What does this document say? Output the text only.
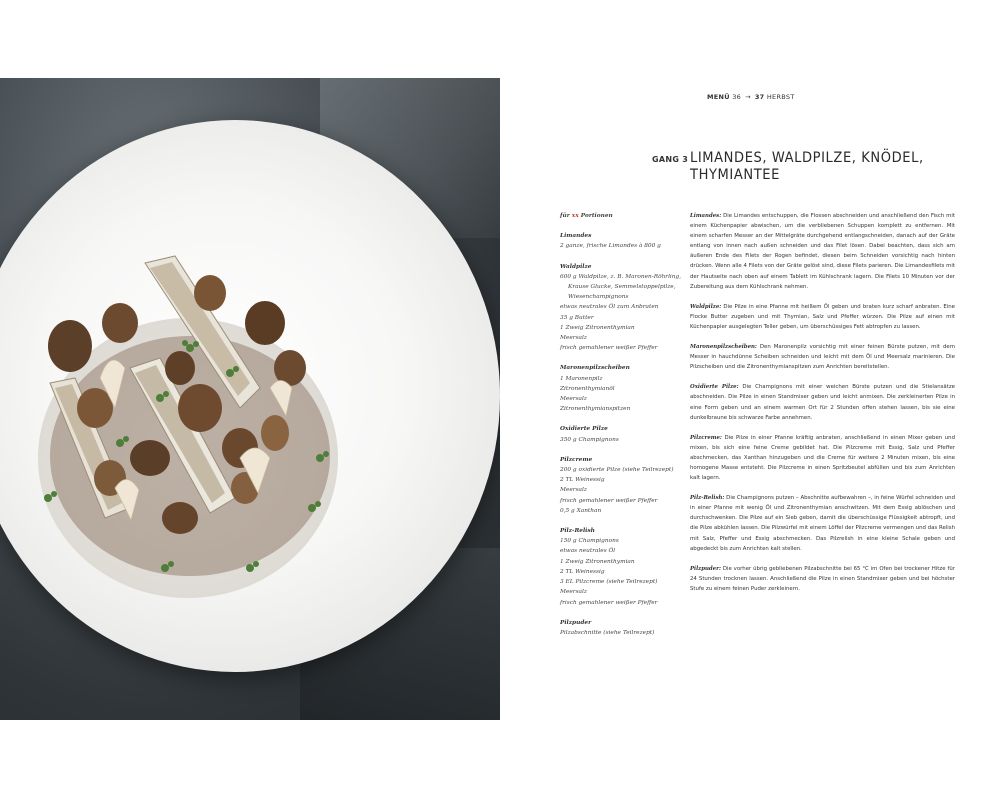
MENÜ 36 → 37 HERBST
GANG 3 LIMANDES, WALDPILZE, KNÖDEL, THYMIANTEE
für xx Portionen
Limandes
2 ganze, frische Limandes à 800 g
Waldpilze
600 g Waldpilze, z. B. Maronen-Röhrling,
Krause Glucke, Semmelstoppelpilze,
Wiesenchampignons
etwas neutrales Öl zum Anbraten
35 g Butter
1 Zweig Zitronenthymian
Meersalz
frisch gemahlener weißer Pfeffer
Maronenpilzscheiben
1 Maronenpilz
Zitronenthymianöl
Meersalz
Zitronenthymianspitzen
Oxidierte Pilze
350 g Champignons
Pilzcreme
200 g oxidierte Pilze (siehe Teilrezept)
2 TL Weinessig
Meersalz
frisch gemahlener weißer Pfeffer
0,5 g Xanthan
Pilz-Relish
150 g Champignons
etwas neutrales Öl
1 Zweig Zitronenthymian
2 TL Weinessig
3 EL Pilzcreme (siehe Teilrezept)
Meersalz
frisch gemahlener weißer Pfeffer
Pilzpuder
Pilzabschnitte (siehe Teilrezept)

Limandes: Die Limandes entschuppen, die Flossen abschneiden und anschließend den Fisch mit einem Küchenpapier abwischen, um die verbliebenen Schuppen komplett zu entfernen. Mit einem scharfen Messer an der Mittelgräte durchgehend entlangschneiden, danach auf der Gräte entlang von innen nach außen schneiden und das Filet lösen. Dabei beachten, dass sich am äußeren Ende des Filets der Rogen befindet, diesen beim Schneiden vorsichtig nach hinten drücken. Wenn alle 4 Filets von der Gräte gelöst sind, diese Filets parieren. Die Limandesfilets mit der Hautseite nach oben auf einem Tablett im Kühlschrank lagern. Die Filets 10 Minuten vor der Zubereitung aus dem Kühlschrank nehmen.

Waldpilze: Die Pilze in eine Pfanne mit heißem Öl geben und braten kurz scharf anbraten. Eine Flocke Butter zugeben und mit Thymian, Salz und Pfeffer würzen. Die Pilze auf einen mit Küchenpapier ausgelegten Teller geben, um überschüssiges Fett abtropfen zu lassen.

Maronenpilzscheiben: Den Maronenpilz vorsichtig mit einer feinen Bürste putzen, mit dem Messer in hauchdünne Scheiben schneiden und leicht mit dem Öl und Meersalz marinieren. Die Pilzscheiben und die Zitronenthymianspitzen zum Anrichten bereitstellen.

Oxidierte Pilze: Die Champignons mit einer weichen Bürste putzen und die Stielansätze abschneiden. Die Pilze in einen Standmixer geben und leicht anmixen. Die zerkleinerten Pilze in eine Form geben und an einem warmen Ort für 2 Stunden offen stehen lassen, bis sie eine dunkelbraune bis schwarze Farbe annehmen.

Pilzcreme: Die Pilze in einer Pfanne kräftig anbraten, anschließend in einen Mixer geben und mixen, bis sich eine feine Creme gebildet hat. Die Pilzcreme mit Essig, Salz und Pfeffer abschmecken, das Xanthan hinzugeben und die Creme für weitere 2 Minuten mixen, bis eine homogene Masse entsteht. Die Pilzcreme in einen Spritzbeutel abfüllen und bis zum Anrichten kalt lagern.

Pilz-Relish: Die Champignons putzen – Abschnitte aufbewahren –, in feine Würfel schneiden und in einer Pfanne mit wenig Öl und Zitronenthymian anschwitzen. Mit dem Essig ablöschen und durchschwenken. Die Pilze auf ein Sieb geben, damit die überschüssige Flüssigkeit abtropft, und die Pilze abkühlen lassen. Die Pilzwürfel mit einem Löffel der Pilzcreme vermengen und das Relish mit Salz, Pfeffer und Essig abschmecken. Das Pilzrelish in eine kleine Schale geben und abgedeckt bis zum Anrichten kalt stellen.

Pilzpuder: Die vorher übrig gebliebenen Pilzabschnitte bei 65 °C im Ofen bei trockener Hitze für 24 Stunden trocknen lassen. Anschließend die Pilze in einen Standmixer geben und bei höchster Stufe zu einem feinen Puder zerkleinern.
